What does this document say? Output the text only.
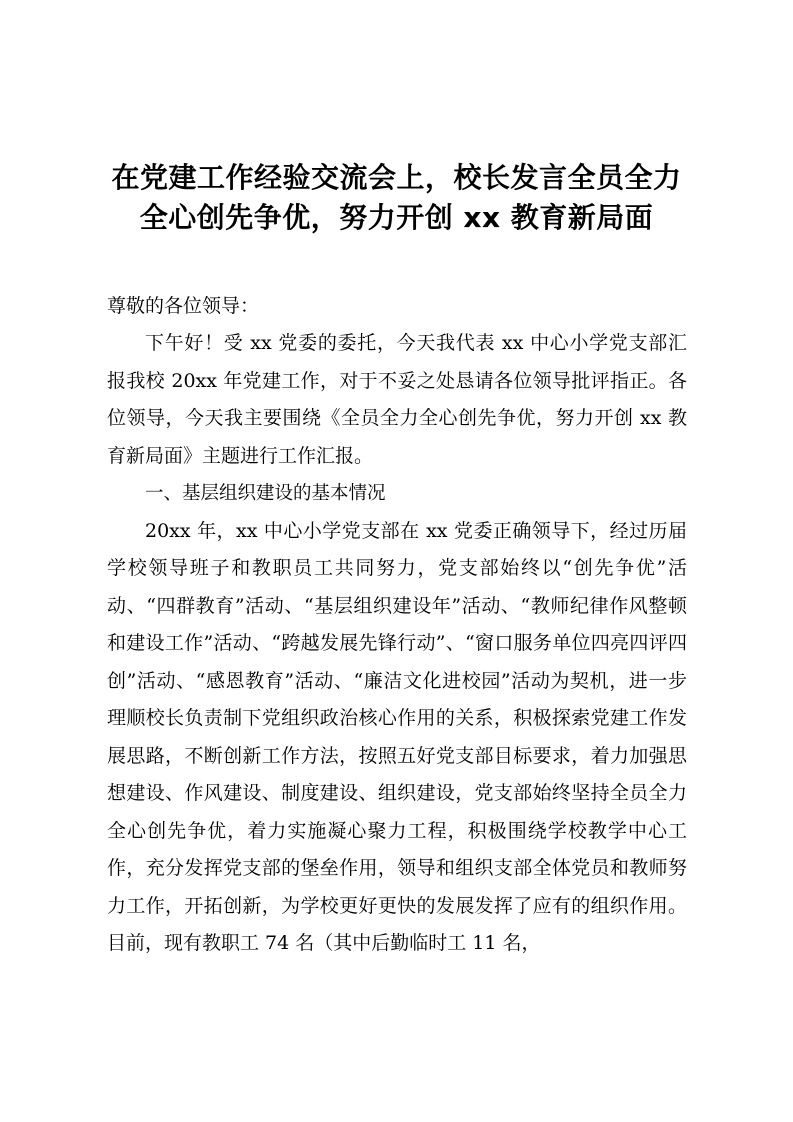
在党建工作经验交流会上，校长发言全员全力
全心创先争优，努力开创 xx 教育新局面
尊敬的各位领导：
下午好！受 xx 党委的委托，今天我代表 xx 中心小学党支部汇报我校 20xx 年党建工作，对于不妥之处恳请各位领导批评指正。各位领导，今天我主要围绕《全员全力全心创先争优，努力开创 xx 教育新局面》主题进行工作汇报。
一、基层组织建设的基本情况
20xx 年，xx 中心小学党支部在 xx 党委正确领导下，经过历届学校领导班子和教职员工共同努力，党支部始终以“创先争优”活动、“四群教育”活动、“基层组织建设年”活动、“教师纪律作风整顿和建设工作”活动、“跨越发展先锋行动”、“窗口服务单位四亮四评四创”活动、“感恩教育”活动、“廉洁文化进校园”活动为契机，进一步理顺校长负责制下党组织政治核心作用的关系，积极探索党建工作发展思路，不断创新工作方法，按照五好党支部目标要求，着力加强思想建设、作风建设、制度建设、组织建设，党支部始终坚持全员全力全心创先争优，着力实施凝心聚力工程，积极围绕学校教学中心工作，充分发挥党支部的堡垒作用，领导和组织支部全体党员和教师努力工作，开拓创新，为学校更好更快的发展发挥了应有的组织作用。目前，现有教职工 74 名（其中后勤临时工 11 名，
